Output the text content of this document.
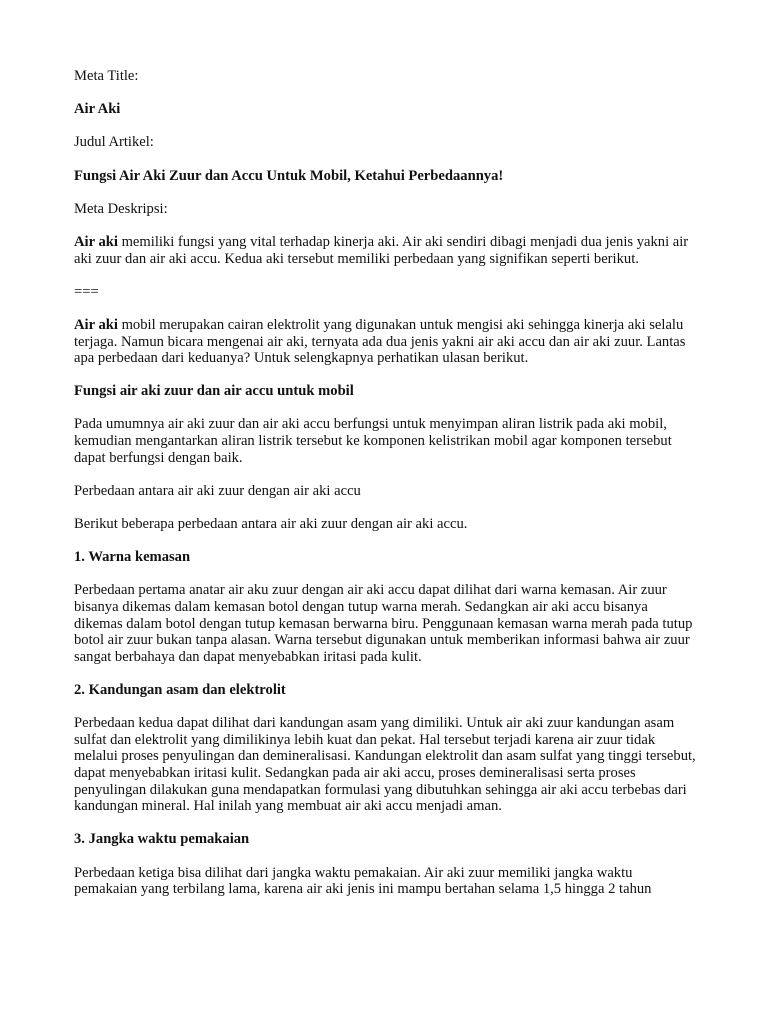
Meta Title:

Air Aki

Judul Artikel:

Fungsi Air Aki Zuur dan Accu Untuk Mobil, Ketahui Perbedaannya!

Meta Deskripsi:

Air aki memiliki fungsi yang vital terhadap kinerja aki. Air aki sendiri dibagi menjadi dua jenis yakni air aki zuur dan air aki accu. Kedua aki tersebut memiliki perbedaan yang signifikan seperti berikut.

===

Air aki mobil merupakan cairan elektrolit yang digunakan untuk mengisi aki sehingga kinerja aki selalu terjaga. Namun bicara mengenai air aki, ternyata ada dua jenis yakni air aki accu dan air aki zuur. Lantas apa perbedaan dari keduanya? Untuk selengkapnya perhatikan ulasan berikut.

Fungsi air aki zuur dan air accu untuk mobil

Pada umumnya air aki zuur dan air aki accu berfungsi untuk menyimpan aliran listrik pada aki mobil, kemudian mengantarkan aliran listrik tersebut ke komponen kelistrikan mobil agar komponen tersebut dapat berfungsi dengan baik.

Perbedaan antara air aki zuur dengan air aki accu

Berikut beberapa perbedaan antara air aki zuur dengan air aki accu.

1. Warna kemasan

Perbedaan pertama anatar air aku zuur dengan air aki accu dapat dilihat dari warna kemasan. Air zuur bisanya dikemas dalam kemasan botol dengan tutup warna merah. Sedangkan air aki accu bisanya dikemas dalam botol dengan tutup kemasan berwarna biru. Penggunaan kemasan warna merah pada tutup botol air zuur bukan tanpa alasan. Warna tersebut digunakan untuk memberikan informasi bahwa air zuur sangat berbahaya dan dapat menyebabkan iritasi pada kulit.

2. Kandungan asam dan elektrolit

Perbedaan kedua dapat dilihat dari kandungan asam yang dimiliki. Untuk air aki zuur kandungan asam sulfat dan elektrolit yang dimilikinya lebih kuat dan pekat. Hal tersebut terjadi karena air zuur tidak melalui proses penyulingan dan demineralisasi. Kandungan elektrolit dan asam sulfat yang tinggi tersebut, dapat menyebabkan iritasi kulit. Sedangkan pada air aki accu, proses demineralisasi serta proses penyulingan dilakukan guna mendapatkan formulasi yang dibutuhkan sehingga air aki accu terbebas dari kandungan mineral. Hal inilah yang membuat air aki accu menjadi aman.

3. Jangka waktu pemakaian

Perbedaan ketiga bisa dilihat dari jangka waktu pemakaian. Air aki zuur memiliki jangka waktu pemakaian yang terbilang lama, karena air aki jenis ini mampu bertahan selama 1,5 hingga 2 tahun
